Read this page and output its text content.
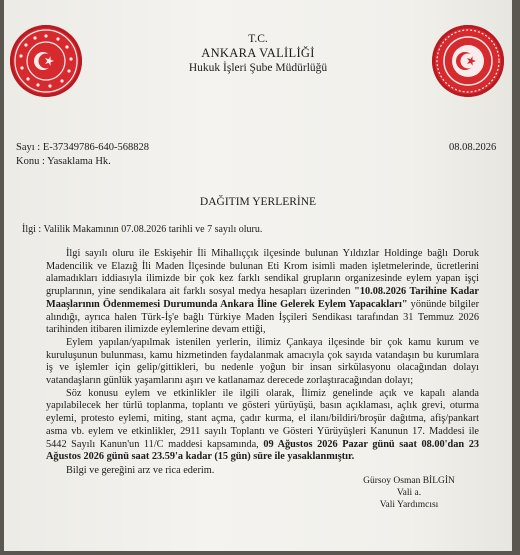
T.C.
ANKARA VALİLİĞİ
Hukuk İşleri Şube Müdürlüğü
Sayı : E-37349786-640-568828	08.08.2026
Konu : Yasaklama Hk.
DAĞITIM YERLERİNE
İlgi : Valilik Makamının 07.08.2026 tarihli ve 7 sayılı oluru.

İlgi sayılı oluru ile Eskişehir İli Mihallıççık ilçesinde bulunan Yıldızlar Holdinge bağlı Doruk Madencilik ve Elazığ İli Maden İlçesinde bulunan Eti Krom isimli maden işletmelerinde, ücretlerini alamadıkları iddiasıyla ilimizde bir çok kez farklı sendikal grupların organizesinde eylem yapan işçi gruplarının, yine sendikalara ait farklı sosyal medya hesapları üzerinden "10.08.2026 Tarihine Kadar Maaşlarının Ödenmemesi Durumunda Ankara İline Gelerek Eylem Yapacakları" yönünde bilgiler alındığı, ayrıca halen Türk-İş'e bağlı Türkiye Maden İşçileri Sendikası tarafından 31 Temmuz 2026 tarihinden itibaren ilimizde eylemlerine devam ettiği,

Eylem yapılan/yapılmak istenilen yerlerin, ilimiz Çankaya ilçesinde bir çok kamu kurum ve kuruluşunun bulunması, kamu hizmetinden faydalanmak amacıyla çok sayıda vatandaşın bu kurumlara iş ve işlemler için gelip/gittikleri, bu nedenle yoğun bir insan sirkülasyonu olacağından dolayı vatandaşların günlük yaşamlarını aşırı ve katlanamaz derecede zorlaştıracağından dolayı;

Söz konusu eylem ve etkinlikler ile ilgili olarak, İlimiz genelinde açık ve kapalı alanda yapılabilecek her türlü toplanma, toplantı ve gösteri yürüyüşü, basın açıklaması, açlık grevi, oturma eylemi, protesto eylemi, miting, stant açma, çadır kurma, el ilanı/bildiri/broşür dağıtma, afiş/pankart asma vb. eylem ve etkinlikler, 2911 sayılı Toplantı ve Gösteri Yürüyüşleri Kanunun 17. Maddesi ile 5442 Sayılı Kanun'un 11/C maddesi kapsamında, 09 Ağustos 2026 Pazar günü saat 08.00'dan 23 Ağustos 2026 günü saat 23.59'a kadar (15 gün) süre ile yasaklanmıştır.

Bilgi ve gereğini arz ve rica ederim.

Gürsoy Osman BİLGİN
Vali a.
Vali Yardımcısı
